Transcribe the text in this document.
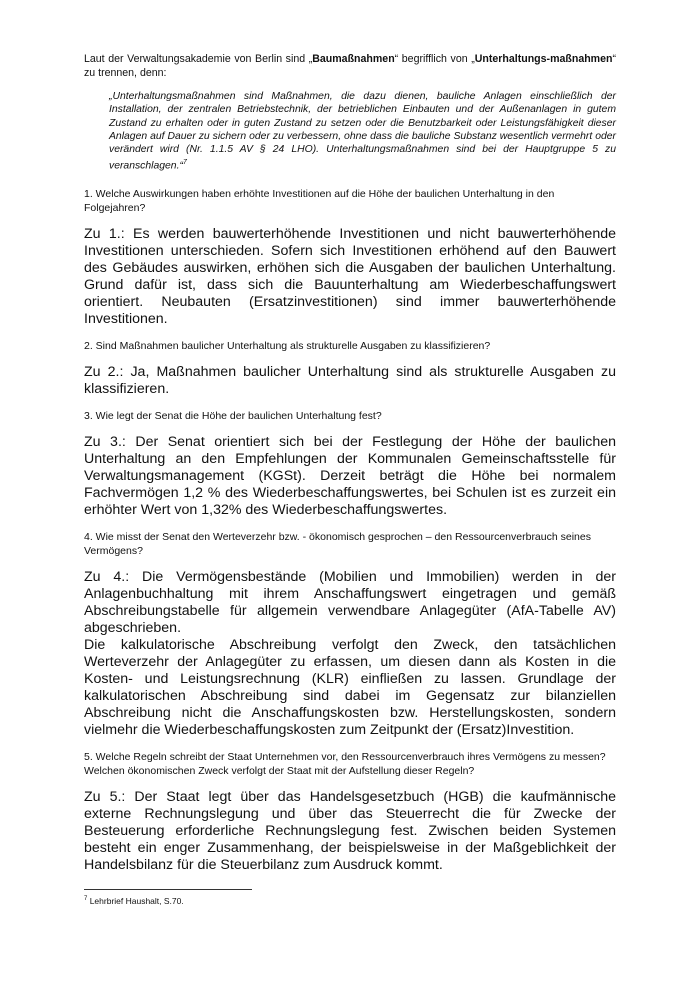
Laut der Verwaltungsakademie von Berlin sind „Baumaßnahmen“ begrifflich von „Unterhaltungs-maßnahmen“ zu trennen, denn:

„Unterhaltungsmaßnahmen sind Maßnahmen, die dazu dienen, bauliche Anlagen einschließlich der Installation, der zentralen Betriebstechnik, der betrieblichen Einbauten und der Außenanlagen in gutem Zustand zu erhalten oder in guten Zustand zu setzen oder die Benutzbarkeit oder Leistungsfähigkeit dieser Anlagen auf Dauer zu sichern oder zu verbessern, ohne dass die bauliche Substanz wesentlich vermehrt oder verändert wird (Nr. 1.1.5 AV § 24 LHO). Unterhaltungsmaßnahmen sind bei der Hauptgruppe 5 zu veranschlagen.“$^7$

1. Welche Auswirkungen haben erhöhte Investitionen auf die Höhe der baulichen Unterhaltung in den Folgejahren?

Zu 1.: Es werden bauwerterhöhende Investitionen und nicht bauwerterhöhende Investitionen unterschieden. Sofern sich Investitionen erhöhend auf den Bauwert des Gebäudes auswirken, erhöhen sich die Ausgaben der baulichen Unterhaltung. Grund dafür ist, dass sich die Bauunterhaltung am Wiederbeschaffungswert orientiert. Neubauten (Ersatzinvestitionen) sind immer bauwerterhöhende Investitionen.

2. Sind Maßnahmen baulicher Unterhaltung als strukturelle Ausgaben zu klassifizieren?

Zu 2.: Ja, Maßnahmen baulicher Unterhaltung sind als strukturelle Ausgaben zu klassifizieren.

3. Wie legt der Senat die Höhe der baulichen Unterhaltung fest?

Zu 3.: Der Senat orientiert sich bei der Festlegung der Höhe der baulichen Unterhaltung an den Empfehlungen der Kommunalen Gemeinschaftsstelle für Verwaltungsmanagement (KGSt). Derzeit beträgt die Höhe bei normalem Fachvermögen 1,2 % des Wiederbeschaffungswertes, bei Schulen ist es zurzeit ein erhöhter Wert von 1,32% des Wiederbeschaffungswertes.

4. Wie misst der Senat den Werteverzehr bzw. - ökonomisch gesprochen – den Ressourcenverbrauch seines Vermögens?

Zu 4.: Die Vermögensbestände (Mobilien und Immobilien) werden in der Anlagenbuchhaltung mit ihrem Anschaffungswert eingetragen und gemäß Abschreibungstabelle für allgemein verwendbare Anlagegüter (AfA-Tabelle AV) abgeschrieben.

Die kalkulatorische Abschreibung verfolgt den Zweck, den tatsächlichen Werteverzehr der Anlagegüter zu erfassen, um diesen dann als Kosten in die Kosten- und Leistungsrechnung (KLR) einfließen zu lassen. Grundlage der kalkulatorischen Abschreibung sind dabei im Gegensatz zur bilanziellen Abschreibung nicht die Anschaffungskosten bzw. Herstellungskosten, sondern vielmehr die Wiederbeschaffungskosten zum Zeitpunkt der (Ersatz)Investition.

5. Welche Regeln schreibt der Staat Unternehmen vor, den Ressourcenverbrauch ihres Vermögens zu messen? Welchen ökonomischen Zweck verfolgt der Staat mit der Aufstellung dieser Regeln?

Zu 5.: Der Staat legt über das Handelsgesetzbuch (HGB) die kaufmännische externe Rechnungslegung und über das Steuerrecht die für Zwecke der Besteuerung erforderliche Rechnungslegung fest. Zwischen beiden Systemen besteht ein enger Zusammenhang, der beispielsweise in der Maßgeblichkeit der Handelsbilanz für die Steuerbilanz zum Ausdruck kommt.

$^7$ Lehrbrief Haushalt, S.70.
